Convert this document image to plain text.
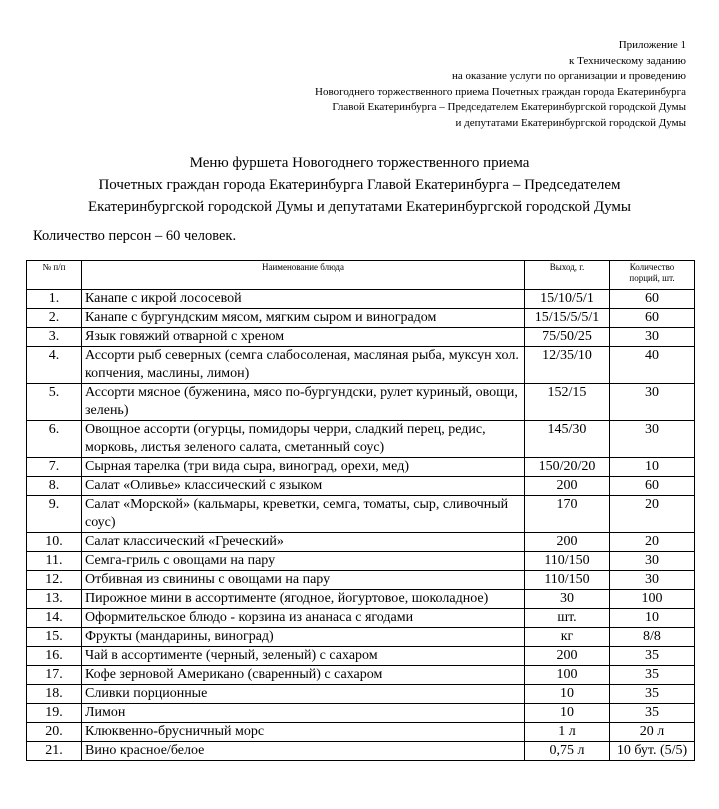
Приложение 1
к Техническому заданию
на оказание услуги по организации и проведению
Новогоднего торжественного приема Почетных граждан города Екатеринбурга
Главой Екатеринбурга – Председателем Екатеринбургской городской Думы
и депутатами Екатеринбургской городской Думы
Меню фуршета Новогоднего торжественного приема
Почетных граждан города Екатеринбурга Главой Екатеринбурга – Председателем
Екатеринбургской городской Думы и депутатами Екатеринбургской городской Думы
Количество персон – 60 человек.
№ п/п	Наименование блюда	Выход, г.	Количество
порций, шт.

1.	Канапе с икрой лососевой	15/10/5/1	60
2.	Канапе с бургундским мясом, мягким сыром и виноградом	15/15/5/5/1	60
3.	Язык говяжий отварной с хреном	75/50/25	30
4.	Ассорти рыб северных (семга слабосоленая, масляная рыба, муксун хол. копчения, маслины, лимон)	12/35/10	40
5.	Ассорти мясное (буженина, мясо по-бургундски, рулет куриный, овощи, зелень)	152/15	30
6.	Овощное ассорти (огурцы, помидоры черри, сладкий перец, редис, морковь, листья зеленого салата, сметанный соус)	145/30	30
7.	Сырная тарелка (три вида сыра, виноград, орехи, мед)	150/20/20	10
8.	Салат «Оливье» классический с языком	200	60
9.	Салат «Морской» (кальмары, креветки, семга, томаты, сыр, сливочный соус)	170	20
10.	Салат классический «Греческий»	200	20
11.	Семга-гриль с овощами на пару	110/150	30
12.	Отбивная из свинины с овощами на пару	110/150	30
13.	Пирожное мини в ассортименте (ягодное, йогуртовое, шоколадное)	30	100
14.	Оформительское блюдо - корзина из ананаса с ягодами	шт.	10
15.	Фрукты (мандарины, виноград)	кг	8/8
16.	Чай в ассортименте (черный, зеленый) с сахаром	200	35
17.	Кофе зерновой Американо (сваренный) с сахаром	100	35
18.	Сливки порционные	10	35
19.	Лимон	10	35
20.	Клюквенно-брусничный морс	1 л	20 л
21.	Вино красное/белое	0,75 л	10 бут. (5/5)
